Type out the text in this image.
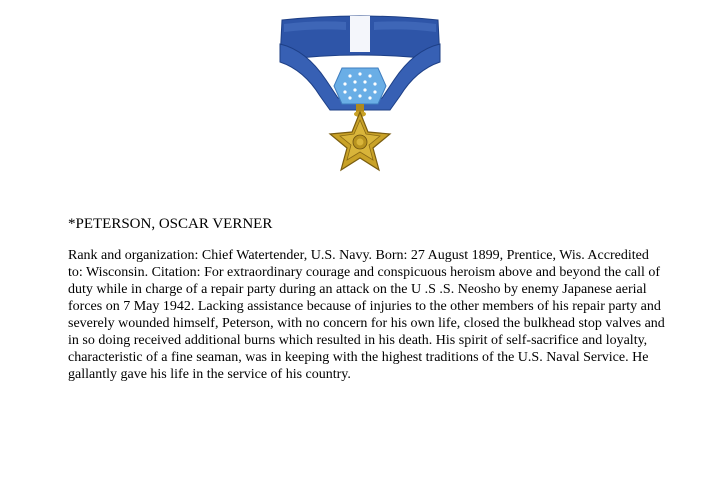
*PETERSON, OSCAR VERNER

Rank and organization: Chief Watertender, U.S. Navy. Born: 27 August 1899, Prentice, Wis. Accredited
to: Wisconsin. Citation: For extraordinary courage and conspicuous heroism above and beyond the call of
duty while in charge of a repair party during an attack on the U .S .S. Neosho by enemy Japanese aerial
forces on 7 May 1942. Lacking assistance because of injuries to the other members of his repair party and
severely wounded himself, Peterson, with no concern for his own life, closed the bulkhead stop valves and
in so doing received additional burns which resulted in his death. His spirit of self-sacrifice and loyalty,
characteristic of a fine seaman, was in keeping with the highest traditions of the U.S. Naval Service. He
gallantly gave his life in the service of his country.
